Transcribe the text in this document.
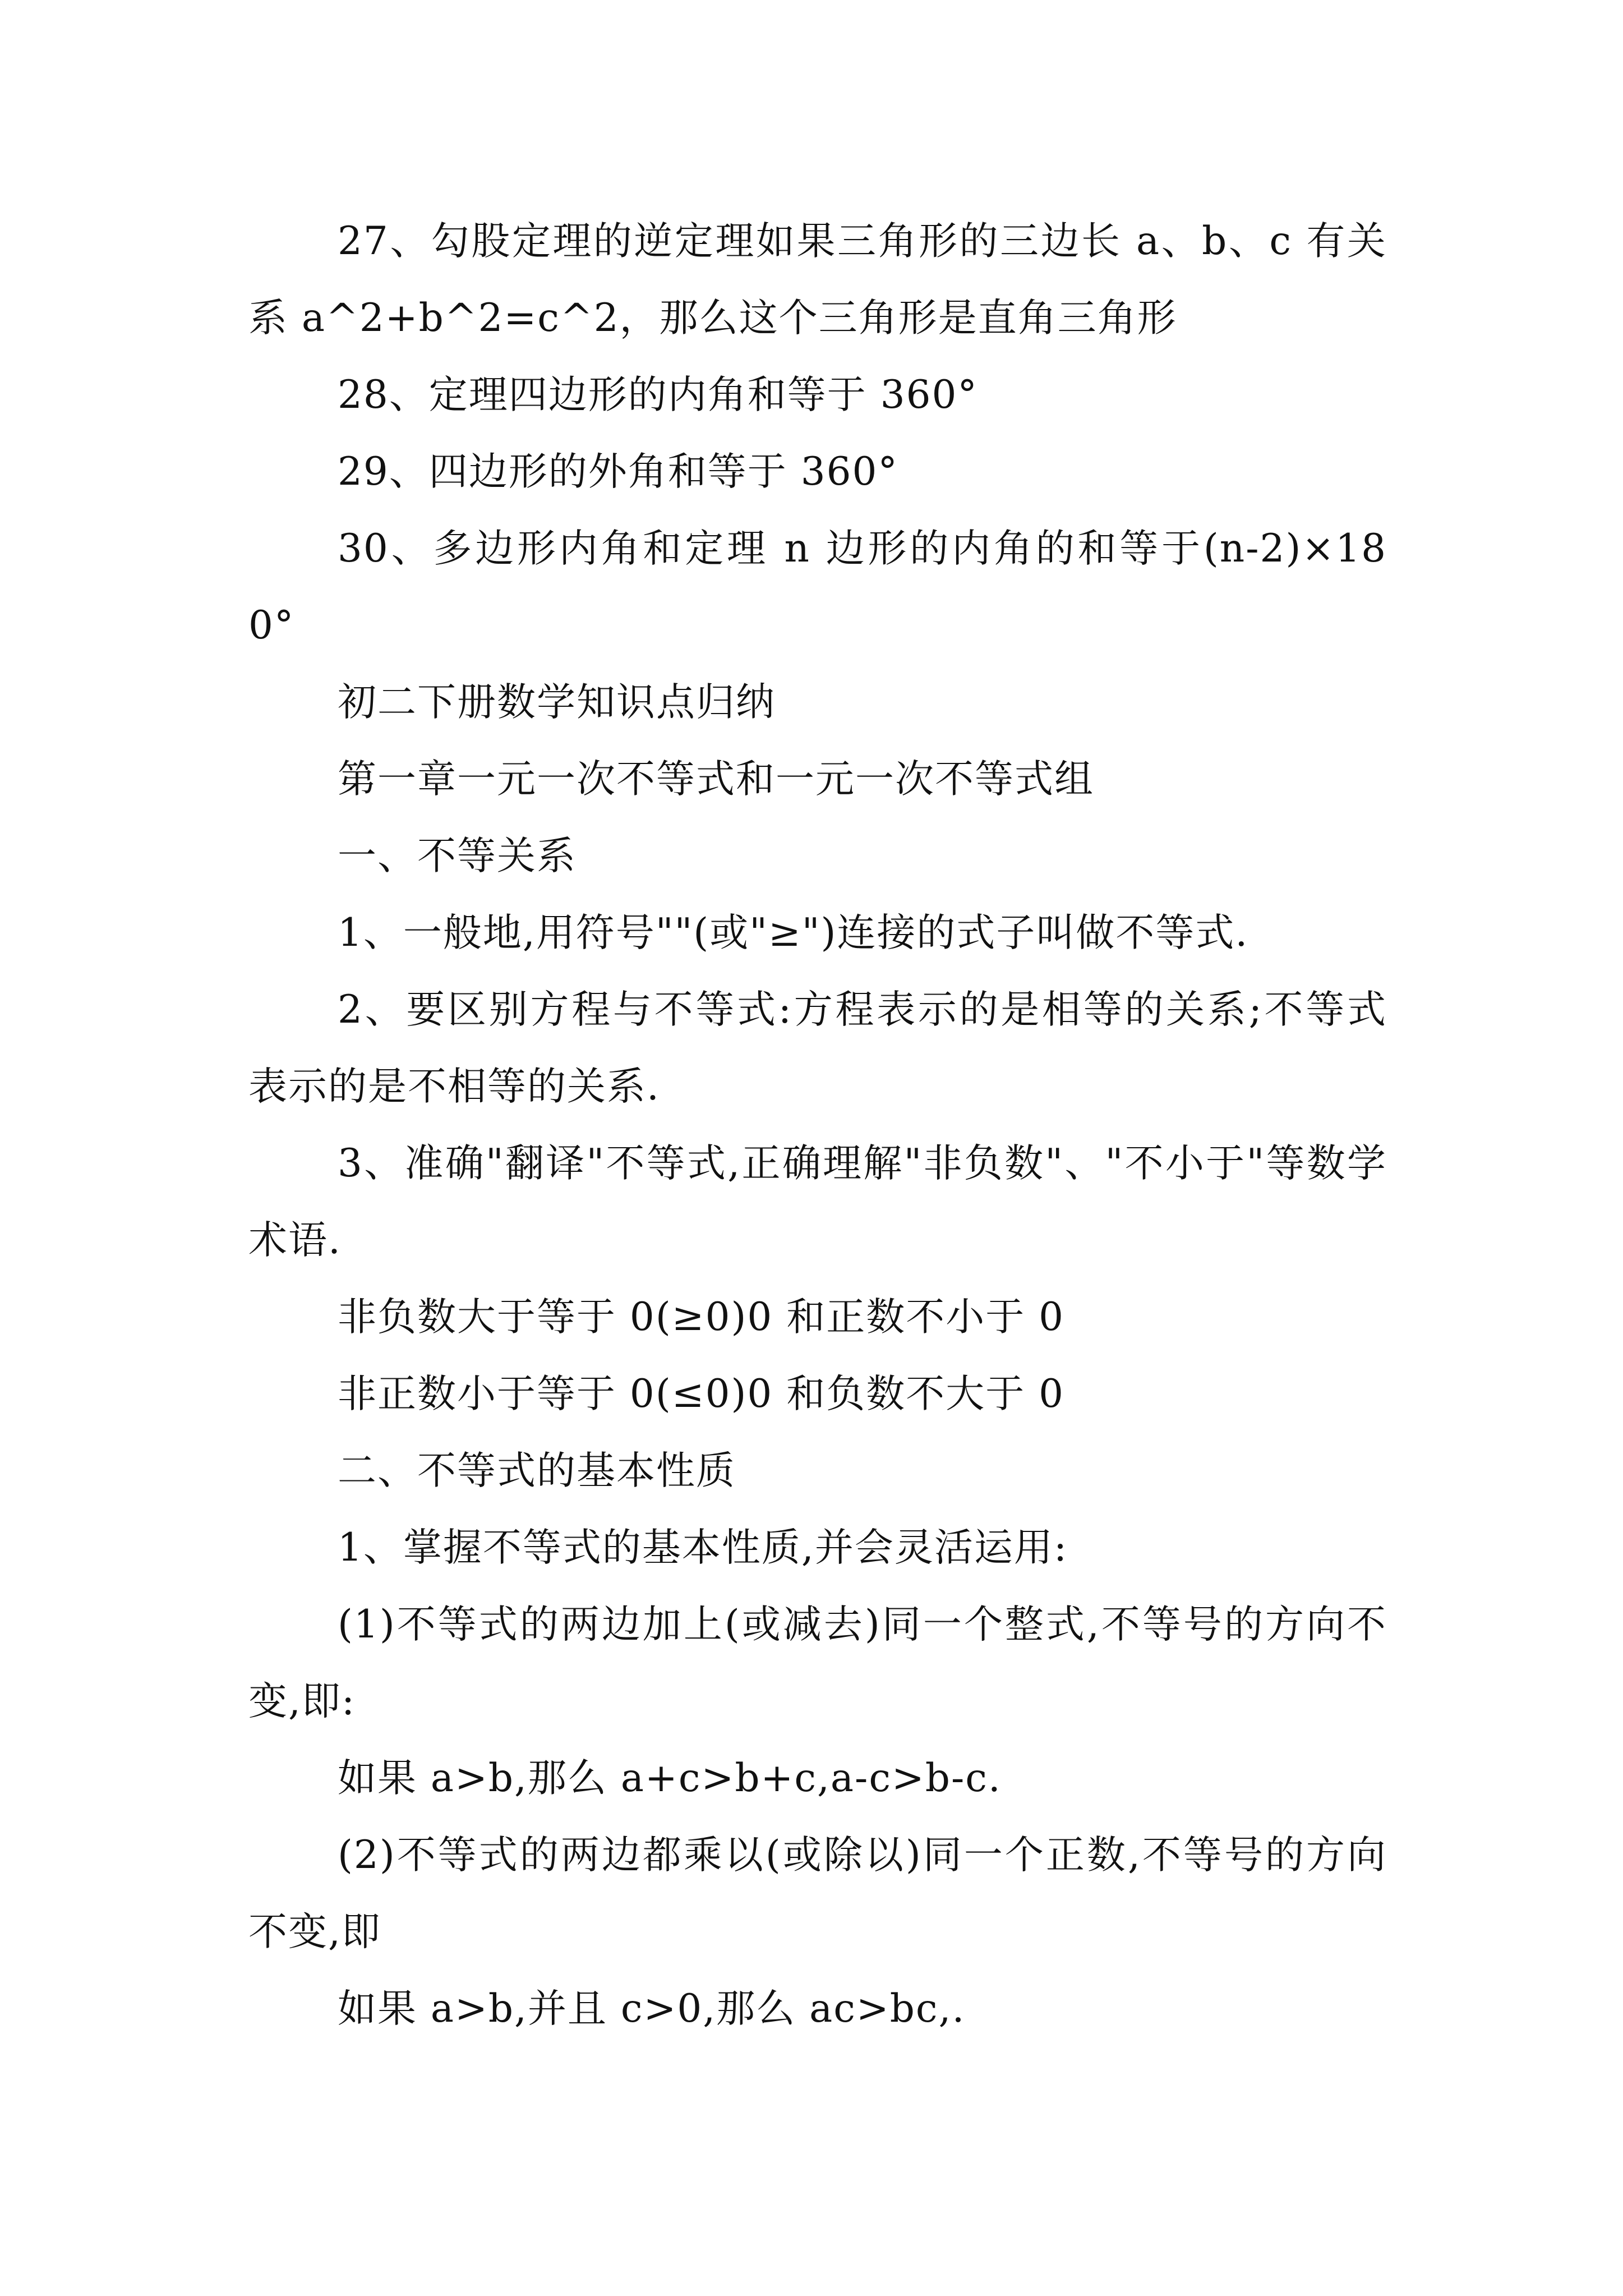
27、勾股定理的逆定理如果三角形的三边长 a、b、c 有关系 a^2+b^2=c^2，那么这个三角形是直角三角形

28、定理四边形的内角和等于 360°

29、四边形的外角和等于 360°

30、多边形内角和定理 n 边形的内角的和等于(n-2)×180°

初二下册数学知识点归纳

第一章一元一次不等式和一元一次不等式组

一、不等关系

1、一般地,用符号""(或"≥")连接的式子叫做不等式.

2、要区别方程与不等式:方程表示的是相等的关系;不等式表示的是不相等的关系.

3、准确"翻译"不等式,正确理解"非负数"、"不小于"等数学术语.

非负数大于等于 0(≥0)0 和正数不小于 0

非正数小于等于 0(≤0)0 和负数不大于 0

二、不等式的基本性质

1、掌握不等式的基本性质,并会灵活运用:

(1)不等式的两边加上(或减去)同一个整式,不等号的方向不变,即:

如果 a>b,那么 a+c>b+c,a-c>b-c.

(2)不等式的两边都乘以(或除以)同一个正数,不等号的方向不变,即

如果 a>b,并且 c>0,那么 ac>bc,.
